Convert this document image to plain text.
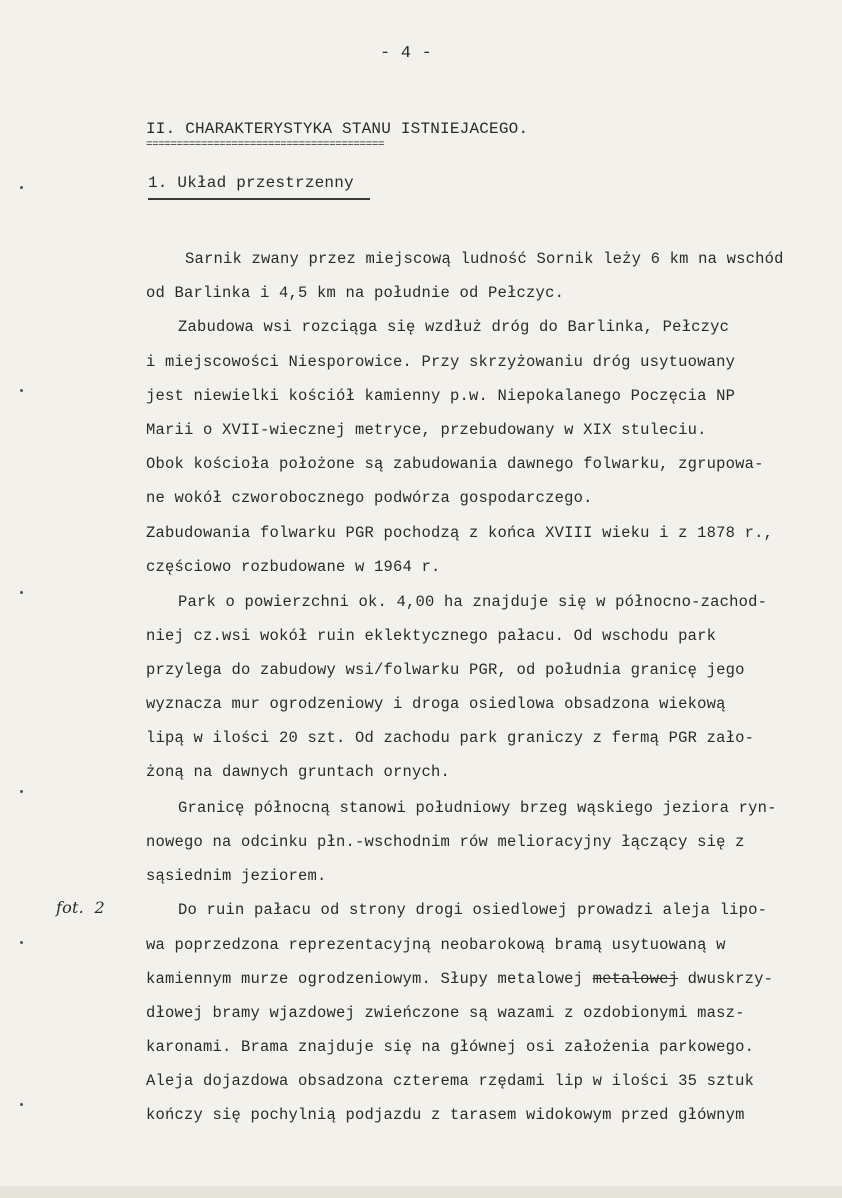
- 4 -
II. CHARAKTERYSTYKA STANU ISTNIEJACEGO.
=======================================
1. Układ przestrzenny
fot.  2
Sarnik zwany przez miejscową ludność Sornik leży 6 km na wschód
od Barlinka i 4,5 km na południe od Pełczyc.
Zabudowa wsi rozciąga się wzdłuż dróg do Barlinka, Pełczyc
i miejscowości Niesporowice. Przy skrzyżowaniu dróg usytuowany
jest niewielki kościół kamienny p.w. Niepokalanego Poczęcia NP
Marii o XVII-wiecznej metryce, przebudowany w XIX stuleciu.
Obok kościoła położone są zabudowania dawnego folwarku, zgrupowa-
ne wokół czworobocznego podwórza gospodarczego.
Zabudowania folwarku PGR pochodzą z końca XVIII wieku i z 1878 r.,
częściowo rozbudowane w 1964 r.
Park o powierzchni ok. 4,00 ha znajduje się w północno-zachod-
niej cz.wsi wokół ruin eklektycznego pałacu. Od wschodu park
przylega do zabudowy wsi/folwarku PGR, od południa granicę jego
wyznacza mur ogrodzeniowy i droga osiedlowa obsadzona wiekową
lipą w ilości 20 szt. Od zachodu park graniczy z fermą PGR zało-
żoną na dawnych gruntach ornych.
Granicę północną stanowi południowy brzeg wąskiego jeziora ryn-
nowego na odcinku płn.-wschodnim rów melioracyjny łączący się z
sąsiednim jeziorem.
Do ruin pałacu od strony drogi osiedlowej prowadzi aleja lipo-
wa poprzedzona reprezentacyjną neobarokową bramą usytuowaną w
kamiennym murze ogrodzeniowym. Słupy metalowej metalowej dwuskrzy-
dłowej bramy wjazdowej zwieńczone są wazami z ozdobionymi masz-
karonami. Brama znajduje się na głównej osi założenia parkowego.
Aleja dojazdowa obsadzona czterema rzędami lip w ilości 35 sztuk
kończy się pochylnią podjazdu z tarasem widokowym przed głównym
